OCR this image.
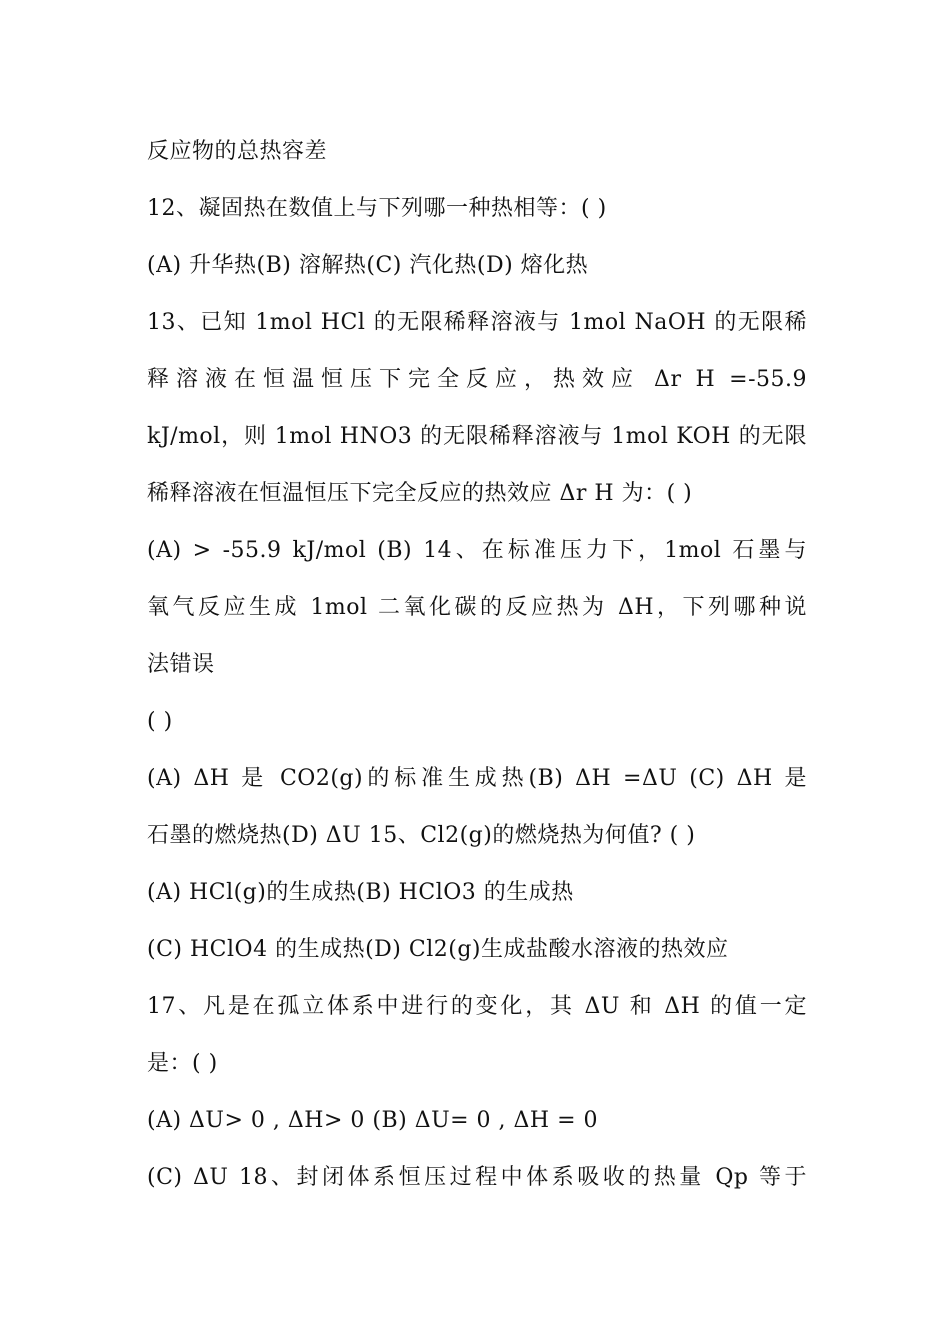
反应物的总热容差
12、凝固热在数值上与下列哪一种热相等：( )
(A) 升华热(B) 溶解热(C) 汽化热(D) 熔化热
13、已知 1mol HCl 的无限稀释溶液与 1mol NaOH 的无限稀
释溶液在恒温恒压下完全反应，热效应 Δr H =-55.9
kJ/mol，则 1mol HNO3 的无限稀释溶液与 1mol KOH 的无限
稀释溶液在恒温恒压下完全反应的热效应 Δr H 为：( )
(A) > -55.9 kJ/mol (B) 14、在标准压力下，1mol 石墨与
氧气反应生成 1mol 二氧化碳的反应热为 ΔH，下列哪种说
法错误
( )
(A) ΔH 是 CO2(g)的标准生成热(B) ΔH =ΔU (C) ΔH 是
石墨的燃烧热(D) ΔU 15、Cl2(g)的燃烧热为何值? ( )
(A) HCl(g)的生成热(B) HClO3 的生成热
(C) HClO4 的生成热(D) Cl2(g)生成盐酸水溶液的热效应
17、凡是在孤立体系中进行的变化，其 ΔU 和 ΔH 的值一定
是：( )
(A) ΔU> 0 , ΔH> 0 (B) ΔU= 0 , ΔH = 0
(C) ΔU 18、封闭体系恒压过程中体系吸收的热量 Qp 等于
